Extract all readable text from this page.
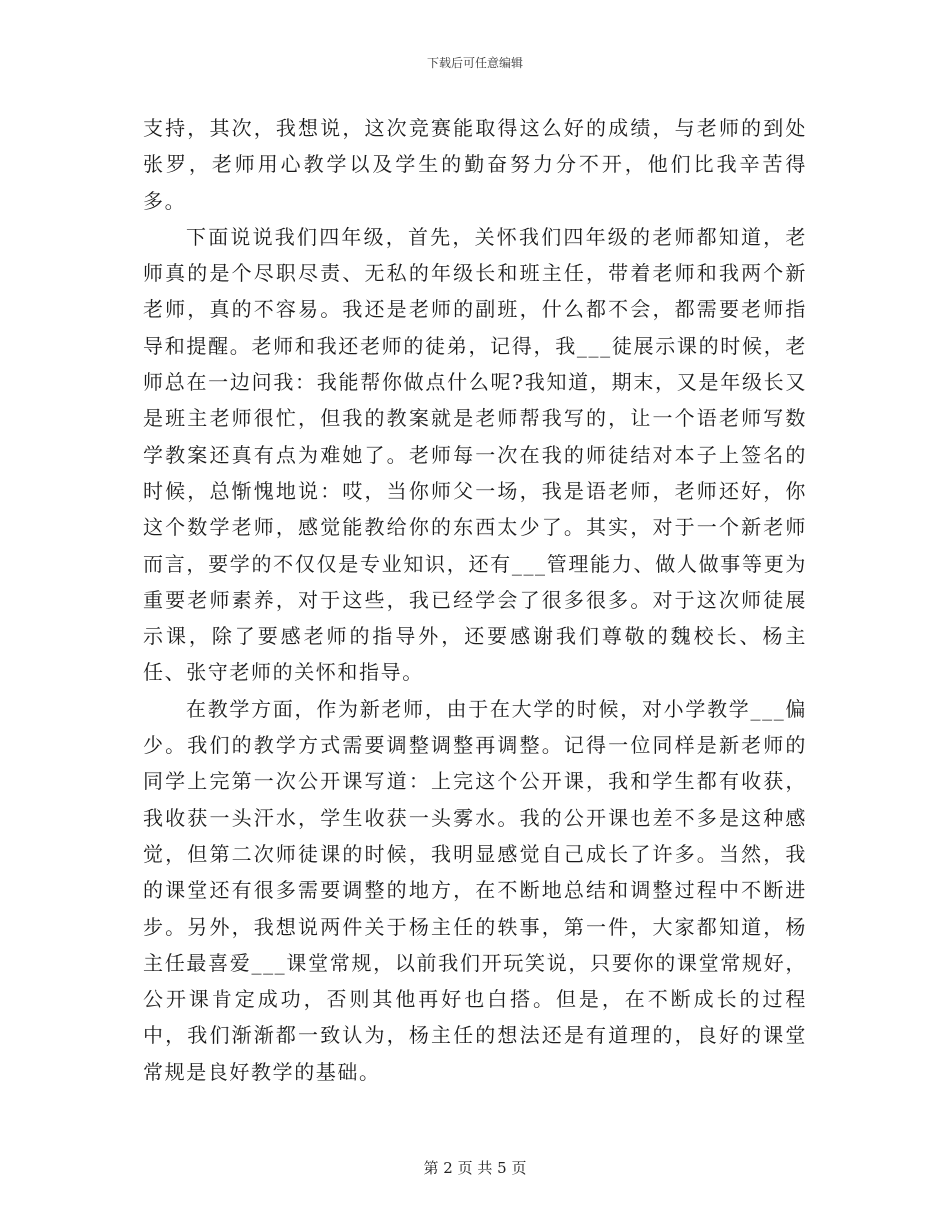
下载后可任意编辑

支持，其次，我想说，这次竞赛能取得这么好的成绩，与老师的到处张罗，老师用心教学以及学生的勤奋努力分不开，他们比我辛苦得多。

下面说说我们四年级，首先，关怀我们四年级的老师都知道，老师真的是个尽职尽责、无私的年级长和班主任，带着老师和我两个新老师，真的不容易。我还是老师的副班，什么都不会，都需要老师指导和提醒。老师和我还老师的徒弟，记得，我___徒展示课的时候，老师总在一边问我：我能帮你做点什么呢?我知道，期末，又是年级长又是班主老师很忙，但我的教案就是老师帮我写的，让一个语老师写数学教案还真有点为难她了。老师每一次在我的师徒结对本子上签名的时候，总惭愧地说：哎，当你师父一场，我是语老师，老师还好，你这个数学老师，感觉能教给你的东西太少了。其实，对于一个新老师而言，要学的不仅仅是专业知识，还有___管理能力、做人做事等更为重要老师素养，对于这些，我已经学会了很多很多。对于这次师徒展示课，除了要感老师的指导外，还要感谢我们尊敬的魏校长、杨主任、张守老师的关怀和指导。

在教学方面，作为新老师，由于在大学的时候，对小学教学___偏少。我们的教学方式需要调整调整再调整。记得一位同样是新老师的同学上完第一次公开课写道：上完这个公开课，我和学生都有收获，我收获一头汗水，学生收获一头雾水。我的公开课也差不多是这种感觉，但第二次师徒课的时候，我明显感觉自己成长了许多。当然，我的课堂还有很多需要调整的地方，在不断地总结和调整过程中不断进步。另外，我想说两件关于杨主任的轶事，第一件，大家都知道，杨主任最喜爱___课堂常规，以前我们开玩笑说，只要你的课堂常规好，公开课肯定成功，否则其他再好也白搭。但是，在不断成长的过程中，我们渐渐都一致认为，杨主任的想法还是有道理的，良好的课堂常规是良好教学的基础。

第 2 页 共 5 页
